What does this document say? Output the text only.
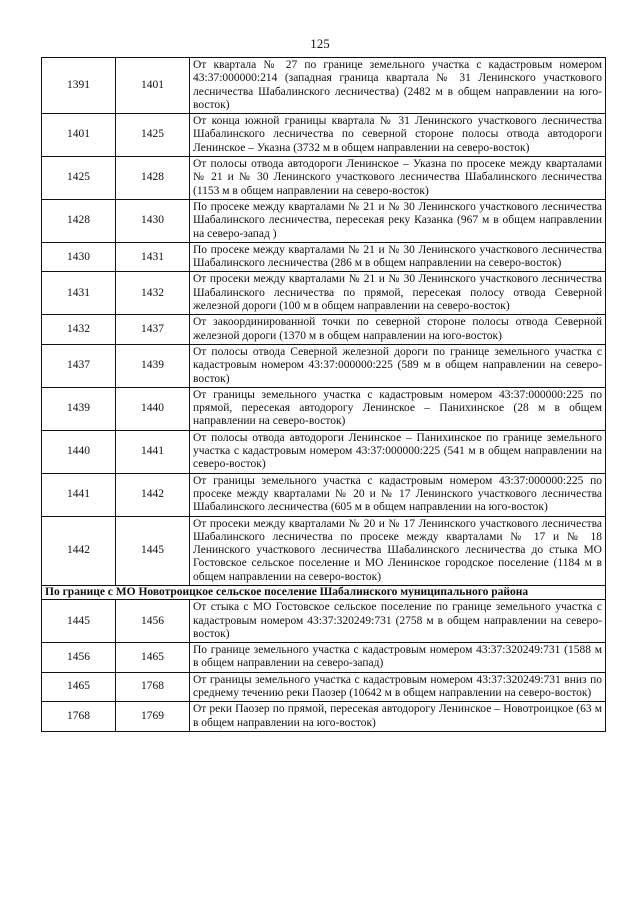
125
1391	1401	От квартала № 27 по границе земельного участка с кадастровым номером 43:37:000000:214 (западная граница квартала № 31 Ленинского участкового лесничества Шабалинского лесничества) (2482 м в общем направлении на юго-восток)
1401	1425	От конца южной границы квартала № 31 Ленинского участкового лесничества Шабалинского лесничества по северной стороне полосы отвода автодороги Ленинское – Указна (3732 м в общем направлении на северо-восток)
1425	1428	От полосы отвода автодороги Ленинское – Указна по просеке между кварталами № 21 и № 30 Ленинского участкового лесничества Шабалинского лесничества (1153 м в общем направлении на северо-восток)
1428	1430	По просеке между кварталами № 21 и № 30 Ленинского участкового лесничества Шабалинского лесничества, пересекая реку Казанка (967 м в общем направлении на северо-запад )
1430	1431	По просеке между кварталами № 21 и № 30 Ленинского участкового лесничества Шабалинского лесничества (286 м в общем направлении на северо-восток)
1431	1432	От просеки между кварталами № 21 и № 30 Ленинского участкового лесничества Шабалинского лесничества по прямой, пересекая полосу отвода Северной железной дороги (100 м в общем направлении на северо-восток)
1432	1437	От закоординированной точки по северной стороне полосы отвода Северной железной дороги (1370 м в общем направлении на юго-восток)
1437	1439	От полосы отвода Северной железной дороги по границе земельного участка с кадастровым номером 43:37:000000:225 (589 м в общем направлении на северо-восток)
1439	1440	От границы земельного участка с кадастровым номером 43:37:000000:225 по прямой, пересекая автодорогу Ленинское – Панихинское (28 м в общем направлении на северо-восток)
1440	1441	От полосы отвода автодороги Ленинское – Панихинское по границе земельного участка с кадастровым номером 43:37:000000:225 (541 м в общем направлении на северо-восток)
1441	1442	От границы земельного участка с кадастровым номером 43:37:000000:225 по просеке между кварталами № 20 и № 17 Ленинского участкового лесничества Шабалинского лесничества (605 м в общем направлении на юго-восток)
1442	1445	От просеки между кварталами № 20 и № 17 Ленинского участкового лесничества Шабалинского лесничества по просеке между кварталами № 17 и № 18 Ленинского участкового лесничества Шабалинского лесничества до стыка МО Гостовское сельское поселение и МО Ленинское городское поселение (1184 м в общем направлении на северо-восток)
По границе с МО Новотроицкое сельское поселение Шабалинского муниципального района		
1445	1456	От стыка с МО Гостовское сельское поселение по границе земельного участка с кадастровым номером 43:37:320249:731 (2758 м в общем направлении на северо-восток)
1456	1465	По границе земельного участка с кадастровым номером 43:37:320249:731 (1588 м в общем направлении на северо-запад)
1465	1768	От границы земельного участка с кадастровым номером 43:37:320249:731 вниз по среднему течению реки Паозер (10642 м в общем направлении на северо-восток)
1768	1769	От реки Паозер по прямой, пересекая автодорогу Ленинское – Новотроицкое (63 м в общем направлении на юго-восток)
